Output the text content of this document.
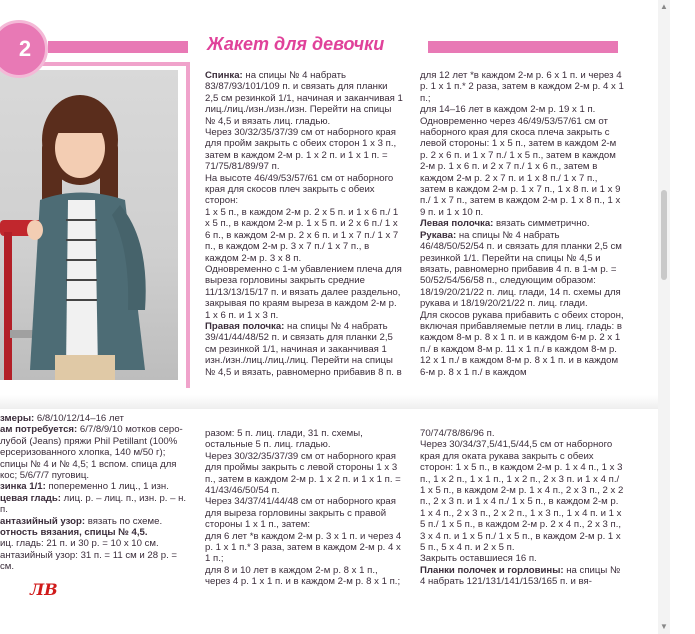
2	Жакет для девочки

Спинка: на спицы № 4 набрать 83/87/93/101/109 п. и связать для планки 2,5 см резинкой 1/1, начиная и заканчивая 1 лиц./лиц./изн./изн./изн. Перейти на спицы № 4,5 и вязать лиц. гладью.

Через 30/32/35/37/39 см от наборного края для пройм закрыть с обеих сторон 1 х 3 п., затем в каждом 2-м р. 1 х 2 п. и 1 х 1 п. = 71/75/81/89/97 п.

На высоте 46/49/53/57/61 см от наборного края для скосов плеч закрыть с обеих сторон:

1 х 5 п., в каждом 2-м р. 2 х 5 п. и 1 х 6 п./ 1 х 5 п., в каждом 2-м р. 1 х 5 п. и 2 х 6 п./ 1 х 6 п., в каждом 2-м р. 2 х 6 п. и 1 х 7 п./ 1 х 7 п., в каждом 2-м р. 3 х 7 п./ 1 х 7 п., в каждом 2-м р. 3 х 8 п.

Одновременно с 1-м убавлением плеча для выреза горловины закрыть средние 11/13/13/15/17 п. и вязать далее раздельно, закрывая по краям выреза в каждом 2-м р. 1 х 6 п. и 1 х 3 п.

Правая полочка: на спицы № 4 набрать 39/41/44/48/52 п. и связать для планки 2,5 см резинкой 1/1, начиная и заканчивая 1 изн./изн./лиц./лиц./лиц. Перейти на спицы № 4,5 и вязать, равномерно прибавив 8 п. в

для 12 лет *в каждом 2-м р. 6 х 1 п. и через 4 р. 1 х 1 п.* 2 раза, затем в каждом 2-м р. 4 х 1 п.;

для 14–16 лет в каждом 2-м р. 19 х 1 п.

Одновременно через 46/49/53/57/61 см от наборного края для скоса плеча закрыть с левой стороны: 1 х 5 п., затем в каждом 2-м р. 2 х 6 п. и 1 х 7 п./ 1 х 5 п., затем в каждом 2-м р. 1 х 6 п. и 2 х 7 п./ 1 х 6 п., затем в каждом 2-м р. 2 х 7 п. и 1 х 8 п./ 1 х 7 п., затем в каждом 2-м р. 1 х 7 п., 1 х 8 п. и 1 х 9 п./ 1 х 7 п., затем в каждом 2-м р. 1 х 8 п., 1 х 9 п. и 1 х 10 п.

Левая полочка: вязать симметрично.

Рукава: на спицы № 4 набрать 46/48/50/52/54 п. и связать для планки 2,5 см резинкой 1/1. Перейти на спицы № 4,5 и вязать, равномерно прибавив 4 п. в 1-м р. = 50/52/54/56/58 п., следующим образом: 18/19/20/21/22 п. лиц. глади, 14 п. схемы для рукава и 18/19/20/21/22 п. лиц. глади.

Для скосов рукава прибавить с обеих сторон, включая прибавляемые петли в лиц. гладь: в каждом 8-м р. 8 х 1 п. и в каждом 6-м р. 2 х 1 п./ в каждом 8-м р. 11 х 1 п./ в каждом 8-м р. 12 х 1 п./ в каждом 8-м р. 8 х 1 п. и в каждом 6-м р. 8 х 1 п./ в каждом

змеры: 6/8/10/12/14–16 лет

ам потребуется: 6/7/8/9/10 мотков серо-лубой (Jeans) пряжи Phil Petillant (100% ерсеризованного хлопка, 140 м/50 г); спицы № 4 и № 4,5; 1 вспом. спица для кос; 5/6/7/7 пуговиц.

зинка 1/1: попеременно 1 лиц., 1 изн.

цевая гладь: лиц. р. – лиц. п., изн. р. – н. п.

антазийный узор: вязать по схеме.

отность вязания, спицы № 4,5.

иц. гладь: 21 п. и 30 р. = 10 х 10 см.

антазийный узор: 31 п. = 11 см и 28 р. = см.

разом: 5 п. лиц. глади, 31 п. схемы, остальные 5 п. лиц. гладью.

Через 30/32/35/37/39 см от наборного края для проймы закрыть с левой стороны 1 х 3 п., затем в каждом 2-м р. 1 х 2 п. и 1 х 1 п. = 41/43/46/50/54 п.

Через 34/37/41/44/48 см от наборного края для выреза горловины закрыть с правой стороны 1 х 1 п., затем:

для 6 лет *в каждом 2-м р. 3 х 1 п. и через 4 р. 1 х 1 п.* 3 раза, затем в каждом 2-м р. 4 х 1 п.;

для 8 и 10 лет в каждом 2-м р. 8 х 1 п., через 4 р. 1 х 1 п. и в каждом 2-м р. 8 х 1 п.;

70/74/78/86/96 п.

Через 30/34/37,5/41,5/44,5 см от наборного края для оката рукава закрыть с обеих сторон: 1 х 5 п., в каждом 2-м р. 1 х 4 п., 1 х 3 п., 1 х 2 п., 1 х 1 п., 1 х 2 п., 2 х 3 п. и 1 х 4 п./ 1 х 5 п., в каждом 2-м р. 1 х 4 п., 2 х 3 п., 2 х 2 п., 2 х 3 п. и 1 х 4 п./ 1 х 5 п., в каждом 2-м р. 1 х 4 п., 2 х 3 п., 2 х 2 п., 1 х 3 п., 1 х 4 п. и 1 х 5 п./ 1 х 5 п., в каждом 2-м р. 2 х 4 п., 2 х 3 п., 3 х 4 п. и 1 х 5 п./ 1 х 5 п., в каждом 2-м р. 1 х 5 п., 5 х 4 п. и 2 х 5 п.

Закрыть оставшиеся 16 п.

Планки полочек и горловины: на спицы № 4 набрать 121/131/141/153/165 п. и вя-

ЛВ
▲
▼
